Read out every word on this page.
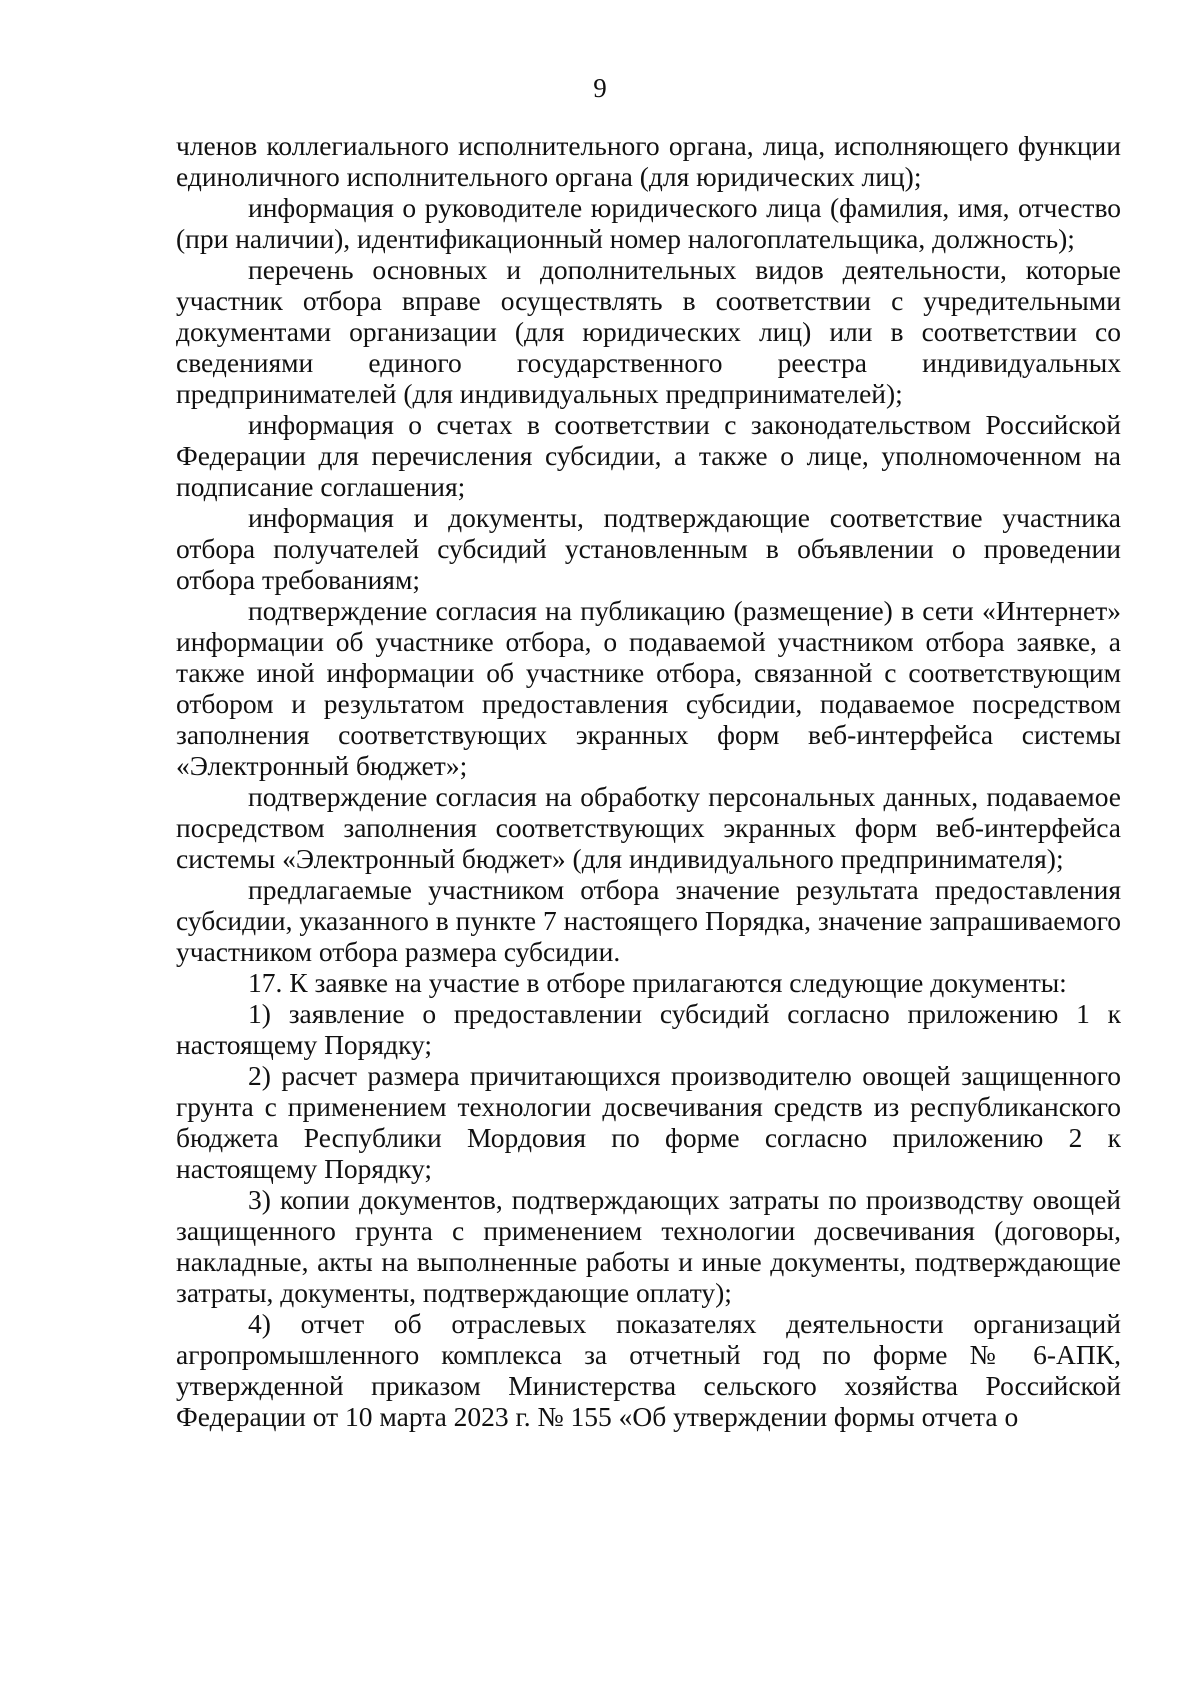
9

членов коллегиального исполнительного органа, лица, исполняющего функции единоличного исполнительного органа (для юридических лиц);

информация о руководителе юридического лица (фамилия, имя, отчество (при наличии), идентификационный номер налогоплательщика, должность);

перечень основных и дополнительных видов деятельности, которые участник отбора вправе осуществлять в соответствии с учредительными документами организации (для юридических лиц) или в соответствии со сведениями единого государственного реестра индивидуальных предпринимателей (для индивидуальных предпринимателей);

информация о счетах в соответствии с законодательством Российской Федерации для перечисления субсидии, а также о лице, уполномоченном на подписание соглашения;

информация и документы, подтверждающие соответствие участника отбора получателей субсидий установленным в объявлении о проведении отбора требованиям;

подтверждение согласия на публикацию (размещение) в сети «Интернет» информации об участнике отбора, о подаваемой участником отбора заявке, а также иной информации об участнике отбора, связанной с соответствующим отбором и результатом предоставления субсидии, подаваемое посредством заполнения соответствующих экранных форм веб-интерфейса системы «Электронный бюджет»;

подтверждение согласия на обработку персональных данных, подаваемое посредством заполнения соответствующих экранных форм веб-интерфейса системы «Электронный бюджет» (для индивидуального предпринимателя);

предлагаемые участником отбора значение результата предоставления субсидии, указанного в пункте 7 настоящего Порядка, значение запрашиваемого участником отбора размера субсидии.

17. К заявке на участие в отборе прилагаются следующие документы:

1) заявление о предоставлении субсидий согласно приложению 1 к настоящему Порядку;

2) расчет размера причитающихся производителю овощей защищенного грунта с применением технологии досвечивания средств из республиканского бюджета Республики Мордовия по форме согласно приложению 2 к настоящему Порядку;

3) копии документов, подтверждающих затраты по производству овощей защищенного грунта с применением технологии досвечивания (договоры, накладные, акты на выполненные работы и иные документы, подтверждающие затраты, документы, подтверждающие оплату);

4) отчет об отраслевых показателях деятельности организаций агропромышленного комплекса за отчетный год по форме № 6-АПК, утвержденной приказом Министерства сельского хозяйства Российской Федерации от 10 марта 2023 г. № 155 «Об утверждении формы отчета о
